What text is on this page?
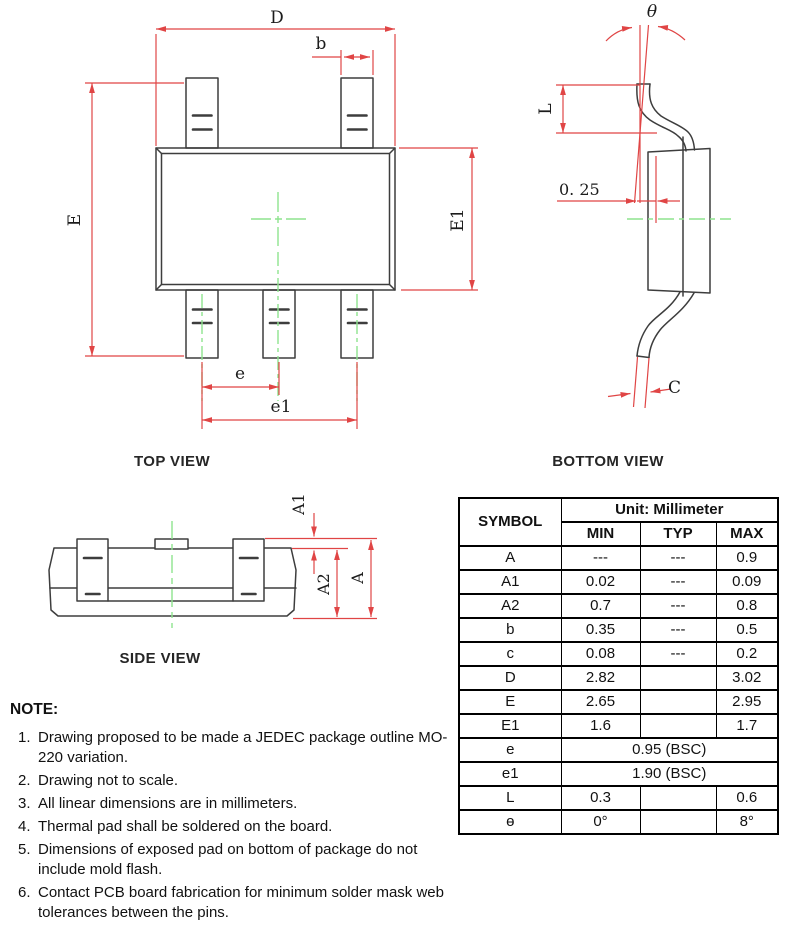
D
b
E	E1
e
e1
θ
L
0. 25
C
A1
A2 A
TOP VIEW	BOTTOM VIEW
SIDE VIEW
SYMBOL	Unit: Millimeter		
	MIN	TYP	MAX
A	---	---	0.9
A1	0.02	---	0.09
A2	0.7	---	0.8
b	0.35	---	0.5
c	0.08	---	0.2
D	2.82		3.02
E	2.65		2.95
E1	1.6		1.7
e	0.95 (BSC)		
e1	1.90 (BSC)		
L	0.3		0.6
ɵ	0°		8°
NOTE:
1. Drawing proposed to be made a JEDEC package outline MO-220 variation.
2. Drawing not to scale.
3. All linear dimensions are in millimeters.
4. Thermal pad shall be soldered on the board.
5. Dimensions of exposed pad on bottom of package do not include mold flash.
6. Contact PCB board fabrication for minimum solder mask web tolerances between the pins.
